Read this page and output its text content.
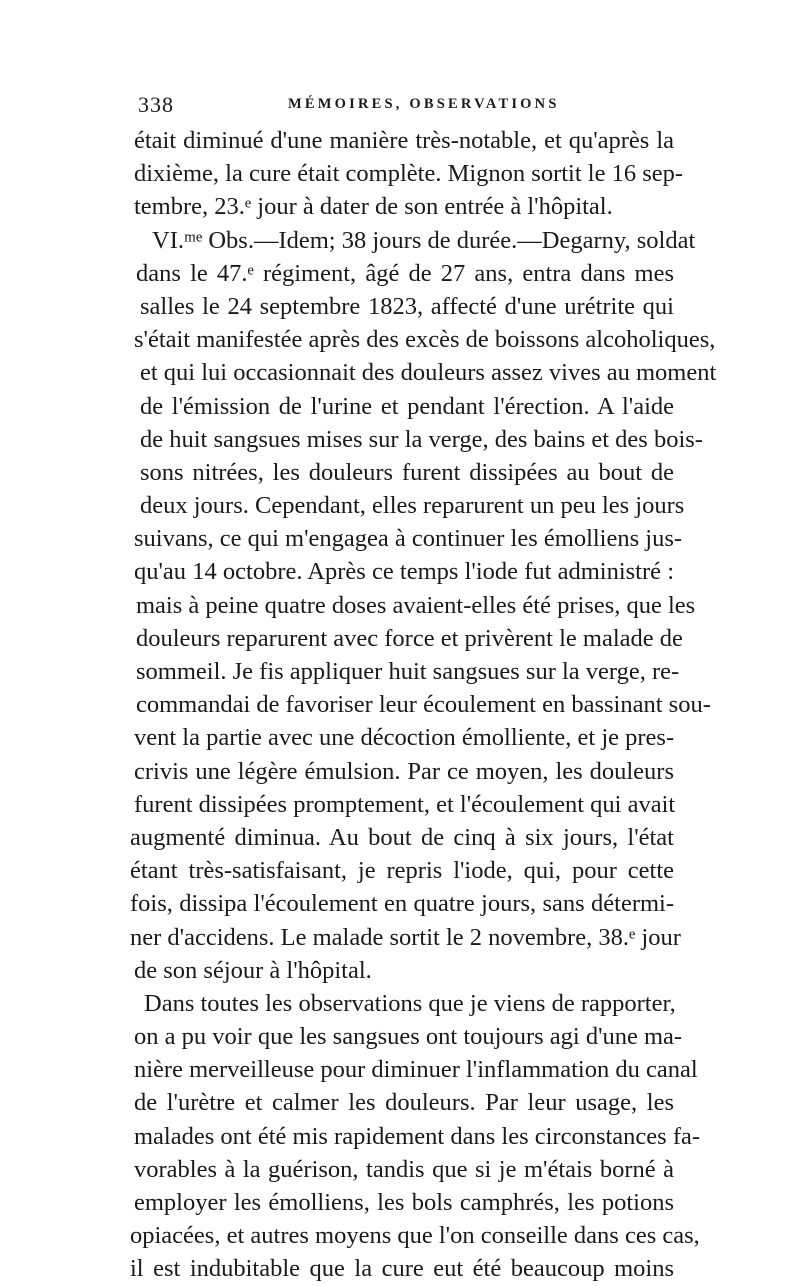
338	MÉMOIRES, OBSERVATIONS
était diminué d'une manière très-notable, et qu'après la
dixième, la cure était complète. Mignon sortit le 16 sep-
tembre, 23.ᵉ jour à dater de son entrée à l'hôpital.
VI.ᵐᵉ Obs.—Idem; 38 jours de durée.—Degarny, soldat
dans le 47.ᵉ régiment, âgé de 27 ans, entra dans mes
salles le 24 septembre 1823, affecté d'une urétrite qui
s'était manifestée après des excès de boissons alcoholiques,
et qui lui occasionnait des douleurs assez vives au moment
de l'émission de l'urine et pendant l'érection. A l'aide
de huit sangsues mises sur la verge, des bains et des bois-
sons nitrées, les douleurs furent dissipées au bout de
deux jours. Cependant, elles reparurent un peu les jours
suivans, ce qui m'engagea à continuer les émolliens jus-
qu'au 14 octobre. Après ce temps l'iode fut administré :
mais à peine quatre doses avaient-elles été prises, que les
douleurs reparurent avec force et privèrent le malade de
sommeil. Je fis appliquer huit sangsues sur la verge, re-
commandai de favoriser leur écoulement en bassinant sou-
vent la partie avec une décoction émolliente, et je pres-
crivis une légère émulsion. Par ce moyen, les douleurs
furent dissipées promptement, et l'écoulement qui avait
augmenté diminua. Au bout de cinq à six jours, l'état
étant très-satisfaisant, je repris l'iode, qui, pour cette
fois, dissipa l'écoulement en quatre jours, sans détermi-
ner d'accidens. Le malade sortit le 2 novembre, 38.ᵉ jour
de son séjour à l'hôpital.
Dans toutes les observations que je viens de rapporter,
on a pu voir que les sangsues ont toujours agi d'une ma-
nière merveilleuse pour diminuer l'inflammation du canal
de l'urètre et calmer les douleurs. Par leur usage, les
malades ont été mis rapidement dans les circonstances fa-
vorables à la guérison, tandis que si je m'étais borné à
employer les émolliens, les bols camphrés, les potions
opiacées, et autres moyens que l'on conseille dans ces cas,
il est indubitable que la cure eut été beaucoup moins
